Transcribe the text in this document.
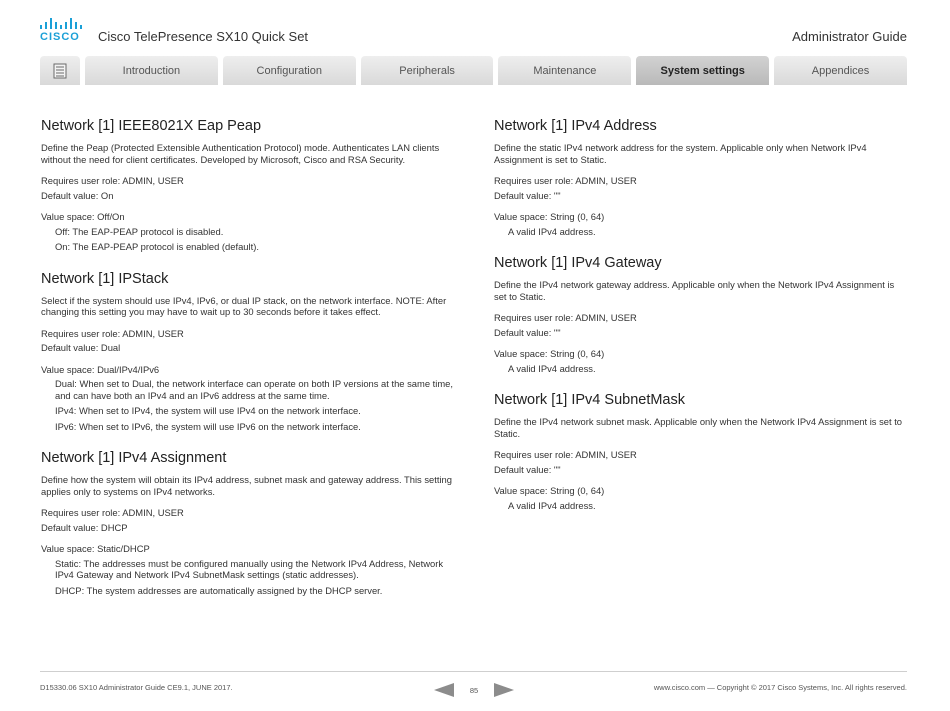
CISCO	Cisco TelePresence SX10 Quick Set	Administrator Guide
Introduction	Configuration	Peripherals	Maintenance	System settings	Appendices
Network [1] IEEE8021X Eap Peap

Define the Peap (Protected Extensible Authentication Protocol) mode. Authenticates LAN clients without the need for client certificates. Developed by Microsoft, Cisco and RSA Security.

Requires user role: ADMIN, USER

Default value: On

Value space: Off/On

Off: The EAP-PEAP protocol is disabled.

On: The EAP-PEAP protocol is enabled (default).

Network [1] IPStack

Select if the system should use IPv4, IPv6, or dual IP stack, on the network interface. NOTE: After changing this setting you may have to wait up to 30 seconds before it takes effect.

Requires user role: ADMIN, USER

Default value: Dual

Value space: Dual/IPv4/IPv6

Dual: When set to Dual, the network interface can operate on both IP versions at the same time, and can have both an IPv4 and an IPv6 address at the same time.

IPv4: When set to IPv4, the system will use IPv4 on the network interface.

IPv6: When set to IPv6, the system will use IPv6 on the network interface.

Network [1] IPv4 Assignment

Define how the system will obtain its IPv4 address, subnet mask and gateway address. This setting applies only to systems on IPv4 networks.

Requires user role: ADMIN, USER

Default value: DHCP

Value space: Static/DHCP

Static: The addresses must be configured manually using the Network IPv4 Address, Network IPv4 Gateway and Network IPv4 SubnetMask settings (static addresses).

DHCP: The system addresses are automatically assigned by the DHCP server.

Network [1] IPv4 Address

Define the static IPv4 network address for the system. Applicable only when Network IPv4 Assignment is set to Static.

Requires user role: ADMIN, USER

Default value: ""

Value space: String (0, 64)

A valid IPv4 address.

Network [1] IPv4 Gateway

Define the IPv4 network gateway address. Applicable only when the Network IPv4 Assignment is set to Static.

Requires user role: ADMIN, USER

Default value: ""

Value space: String (0, 64)

A valid IPv4 address.

Network [1] IPv4 SubnetMask

Define the IPv4 network subnet mask. Applicable only when the Network IPv4 Assignment is set to Static.

Requires user role: ADMIN, USER

Default value: ""

Value space: String (0, 64)

A valid IPv4 address.

D15330.06 SX10 Administrator Guide CE9.1, JUNE 2017.	85	www.cisco.com — Copyright © 2017 Cisco Systems, Inc. All rights reserved.
